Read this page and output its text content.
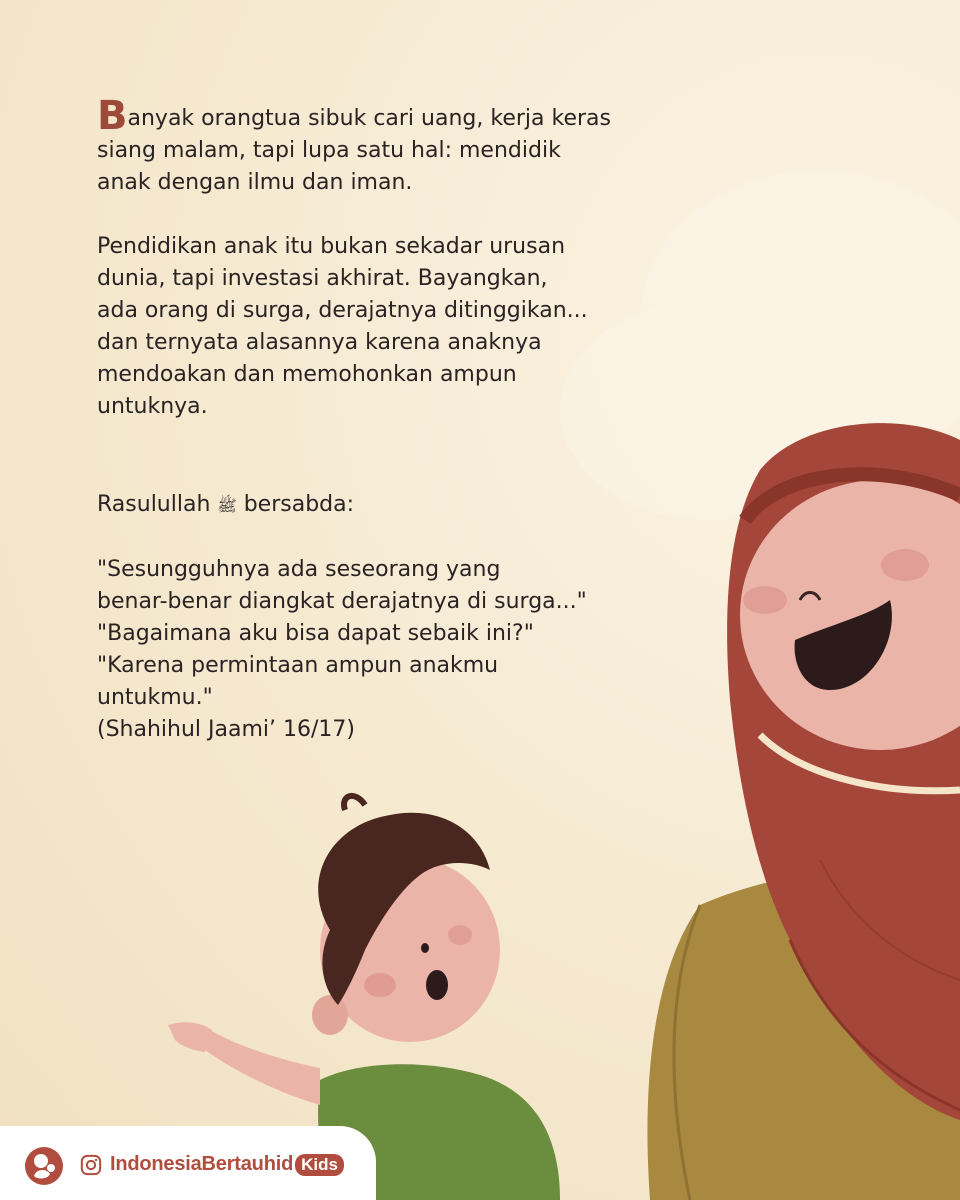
Banyak orangtua sibuk cari uang, kerja keras
siang malam, tapi lupa satu hal: mendidik
anak dengan ilmu dan iman.

Pendidikan anak itu bukan sekadar urusan
dunia, tapi investasi akhirat. Bayangkan,
ada orang di surga, derajatnya ditinggikan...
dan ternyata alasannya karena anaknya
mendoakan dan memohonkan ampun
untuknya.

Rasulullah ﷺ bersabda:

"Sesungguhnya ada seseorang yang
benar-benar diangkat derajatnya di surga..."
"Bagaimana aku bisa dapat sebaik ini?"
"Karena permintaan ampun anakmu
untukmu."
(Shahihul Jaami’ 16/17)

IndonesiaBertauhid Kids
